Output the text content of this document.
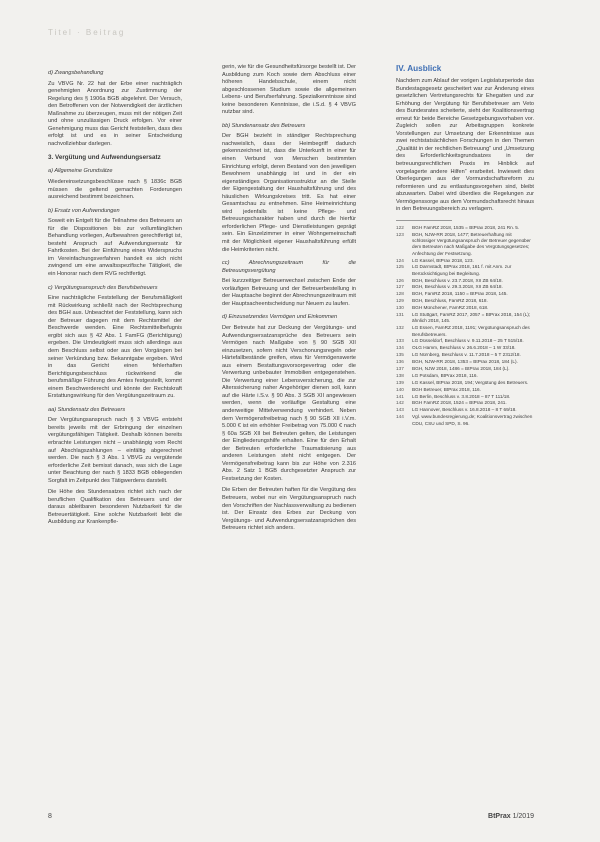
Titel · Beitrag
d) Zwangsbehandlung

Zu VBVG Nr. 22 hat der Erbe einer nachträglich genehmigten Anordnung zur Zustimmung der Regelung des § 1906a BGB abgelehnt. Der Versuch, den Betroffenen von der Notwendigkeit der ärztlichen Maßnahme zu überzeugen, muss mit der nötigen Zeit und ohne unzulässigen Druck erfolgen. Vor einer Genehmigung muss das Gericht feststellen, dass dies erfolgt ist und es in seiner Entscheidung nachvollziehbar darlegen.

3. Vergütung und Aufwendungsersatz
a) Allgemeine Grundsätze

Wiedereinsetzungsbeschlüsse nach § 1836c BGB müssen die geltend gemachten Forderungen ausreichend bestimmt bezeichnen.

b) Ersatz von Aufwendungen

Soweit ein Entgelt für die Teilnahme des Betreuers an für die Dispositionen bis zur vollumfänglichen Behandlung vorliegen, Aufbewahren gerechtfertigt ist, besteht Anspruch auf Aufwendungsersatz für Fahrtkosten. Bei der Einführung eines Widerspruchs im Vereinfachungsverfahren handelt es sich nicht zwingend um eine anwaltsspezifische Tätigkeit, die ein Honorar nach dem RVG rechtfertigt.

c) Vergütungsanspruch des Berufsbetreuers

Eine nachträgliche Feststellung der Berufsmäßigkeit mit Rückwirkung schließt nach der Rechtsprechung des BGH aus. Unbeachtet der Feststellung, kann sich der Betreuer dagegen mit dem Rechtsmittel der Beschwerde wenden. Eine Rechtsmittelbefugnis ergibt sich aus § 42 Abs. 1 FamFG (Berichtigung) ergeben. Die Umdeutigkeit muss sich allerdings aus dem Beschluss selbst oder aus den Vorgängen bei seiner Verkündung bzw. Bekanntgabe ergeben. Wird in das Gericht einen fehlerhaften Berichtigungsbeschluss rückwirkend die berufsmäßige Führung des Amtes festgestellt, kommt einem Beschwerderecht und könnte der Rechtskraft Erstattungswirkung für den Vergütungszeitraum zu.

aa) Stundensatz des Betreuers

Der Vergütungsanspruch nach § 3 VBVG entsteht bereits jeweils mit der Erbringung der einzelnen vergütungsfähigen Tätigkeit. Deshalb können bereits erbrachte Leistungen nicht – unabhängig vom Recht auf Abschlagszahlungen – einfältig abgerechnet werden. Die nach § 3 Abs. 1 VBVG zu vergütende erforderliche Zeit bemisst danach, was sich die Lage unter Beachtung der nach § 1833 BGB obliegenden Sorgfalt im Zeitpunkt des Tätigwerdens darstellt.

Die Höhe des Stundensatzes richtet sich nach der beruflichen Qualifikation des Betreuers und der daraus ableitbaren besonderen Nutzbarkeit für die Betreuertätigkeit. Eine solche Nutzbarkeit liebt die Ausbildung zur Krankenpfle-

gerin, wie für die Gesundheitsfürsorge bestellt ist. Der Ausbildung zum Koch sowie dem Abschluss einer höheren Handelsschule, einem nicht abgeschlossenen Studium sowie die allgemeinen Lebens- und Berufserfahrung. Spezialkenntnisse sind keine besonderen Kenntnisse, die i.S.d. § 4 VBVG nutzbar sind.

bb) Stundenansatz des Betreuers

Der BGH bezieht in ständiger Rechtsprechung nachweislich, dass der Heimbegriff dadurch gekennzeichnet ist, dass die Unterkunft in einer für einen Verbund von Menschen bestimmten Einrichtung erfolgt, deren Bestand von den jeweiligen Bewohnern unabhängig ist und in der ein eigenständiges Organisationsstruktur an die Stelle der Eigengestaltung der Haushaltsführung und des häuslichen Wirkungskreises tritt. Es hat einer Gesamtschau zu entnehmen. Eine Heimeinrichtung wird jedenfalls ist keine Pflege- und Betreuungscharakter haben und durch die hierfür erforderlichen Pflege- und Dienstleistungen geprägt sein. Ein Einzelzimmer in einer Wohngemeinschaft mit der Möglichkeit eigener Haushaltsführung erfüllt die Heimkriterien nicht.

cc) Abrechnungszeitraum für die Betreuungsvergütung

Bei kurzzeitiger Betreuerwechsel zwischen Ende der vorläufigen Betreuung und der Betreuerbestellung in der Hauptsache beginnt der Abrechnungszeitraum mit der Hauptsacheentscheidung nur Neuem zu laufen.

d) Einzusetzendes Vermögen und Einkommen

Der Betreute hat zur Deckung der Vergütungs- und Aufwendungsersatzansprüche des Betreuers sein Vermögen nach Maßgabe von § 90 SGB XII einzusetzen, sofern nicht Verschonungsregeln oder Härtefallbestände greifen, etwa für Vermögenswerte aus einem Bestattungsvorsorgevertrag oder die Verwertung unbebauter Immobilien entgegenstehen. Die Verwertung einer Lebensversicherung, die zur Alterssicherung naher Angehöriger dienen soll, kann auf die Härte i.S.v. § 90 Abs. 3 SGB XII angewiesen werden, wenn die vorläufige Gestaltung eine anderweitige Mittelverwendung verhindert. Neben dem Vermögensfreibetrag nach § 90 SGB XII i.V.m. 5.000 € ist ein erhöhter Freibetrag von 75.000 € nach § 60a SGB XII bei Betreuten gelten, die Leistungen der Eingliederungshilfe erhalten. Eine für den Erhalt der Betreuten erforderliche Traumatisierung aus anderen Leistungen steht nicht entgegen. Der Vermögensfreibetrag kann bis zur Höhe von 2.316 Abs. 2 Satz 1 BGB durchgesetzter Anspruch zur Festsetzung der Kosten.

Die Erben der Betreuten haften für die Vergütung des Betreuers, wobei nur ein Vergütungsanspruch nach den Vorschriften der Nachlassverwaltung zu bedienen ist. Der Einsatz des Erbes zur Deckung von Vergütungs- und Aufwendungsersatzansprüchen des Betreuers richtet sich anders.

IV. Ausblick

Nachdem zum Ablauf der vorigen Legislaturperiode das Bundestagsgesetz gescheitert war zur Änderung eines gesetzlichen Vertretungsrechts für Ehegatten und zur Erhöhung der Vergütung für Berufsbetreuer am Veto des Bundesrates scheiterte, sieht der Koalitionsvertrag erneut für beide Bereiche Gesetzgebungsvorhaben vor. Zugleich sollen zur Arbeitsgruppen konkrete Vorstellungen zur Umsetzung der Erkenntnisse aus zwei rechtstatsächlichen Forschungen in den Themen „Qualität in der rechtlichen Betreuung“ und „Umsetzung des Erforderlichkeitsgrundsatzes in der betreuungsrechtlichen Praxis im Hinblick auf vorgelagerte andere Hilfen“ erarbeitet. Inwieweit dies Überlegungen aus der Vormundschaftsreform zu reformieren und zu entlastungsvorgehen sind, bleibt abzuwarten. Dabei wird überdies die Regelungen zur Vermögenssorge aus dem Vormundschaftsrecht hinaus in den Betreuungsbereich zu verlagern.

122	BGH FamRZ 2018, 1535 = BtPrax 2018, 241 Rn. 5.
123	BGH, NJW-RR 2018, 1477; Betreuerhaftung mit schlüssiger Vergütungsanspruch der Betreuer gegenüber dem Betreuten nach Maßgabe des Vergütungsgesetzes; Anfechtung der Festsetzung.
124	LG Kassel, BtPrax 2018, 123.
125	LG Darmstadt, BtPrax 2018, 161 f. mit Anm. zur Berücksichtigung bei Begleitung.
126	BGH, Beschluss v. 23.7.2018, XII ZB 64/18.
127	BGH, Beschluss v. 29.3.2018, XII ZB 64/18.
128	BGH, FamRZ 2018, 1150 = BtPrax 2018, 145.
129	BGH, Beschluss, FamRZ 2018, 618.
130	BGH Münchener, FamRZ 2018, 618.
131	LG Stuttgart, FamRZ 2017, 2057 = BtPrax 2018, 154 (L); ähnlich 2018, 145.
132	LG Essen, FamRZ 2018, 1191; Vergütungsanspruch des Berufsbetreuers.
133	LG Düsseldorf, Beschluss v. 9.11.2018 – 25 T 515/18.
134	OLG Hamm, Beschluss v. 26.6.2018 – 1 W 33/18.
135	LG Nürnberg, Beschluss v. 11.7.2018 – 5 T 2312/18.
136	BGH, NJW-RR 2018, 1353 = BtPrax 2018, 184 (L).
137	BGH, NJW 2018, 1486 = BtPrax 2018, 184 (L).
138	LG Potsdam, BtPrax 2018, 116.
139	LG Kassel, BtPrax 2018, 194; Vergütung des Betreuers.
140	BGH Betreuer, BtPrax 2018, 116.
141	LG Berlin, Beschluss v. 3.8.2018 – 87 T 111/18.
142	BGH FamRZ 2018, 1524 = BtPrax 2018, 241.
143	LG Hannover, Beschluss v. 16.8.2018 – 8 T 69/18.
144	Vgl. www.bundesregierung.de; Koalitionsvertrag zwischen CDU, CSU und SPD, S. 96.
8	BtPrax 1/2019
